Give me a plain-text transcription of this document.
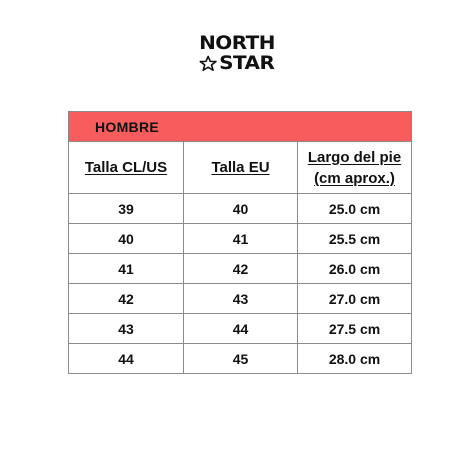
NORTH
STAR
HOMBRE		
Talla CL/US	Talla EU	Largo del pie (cm aprox.)
39	40	25.0 cm
40	41	25.5 cm
41	42	26.0 cm
42	43	27.0 cm
43	44	27.5 cm
44	45	28.0 cm
